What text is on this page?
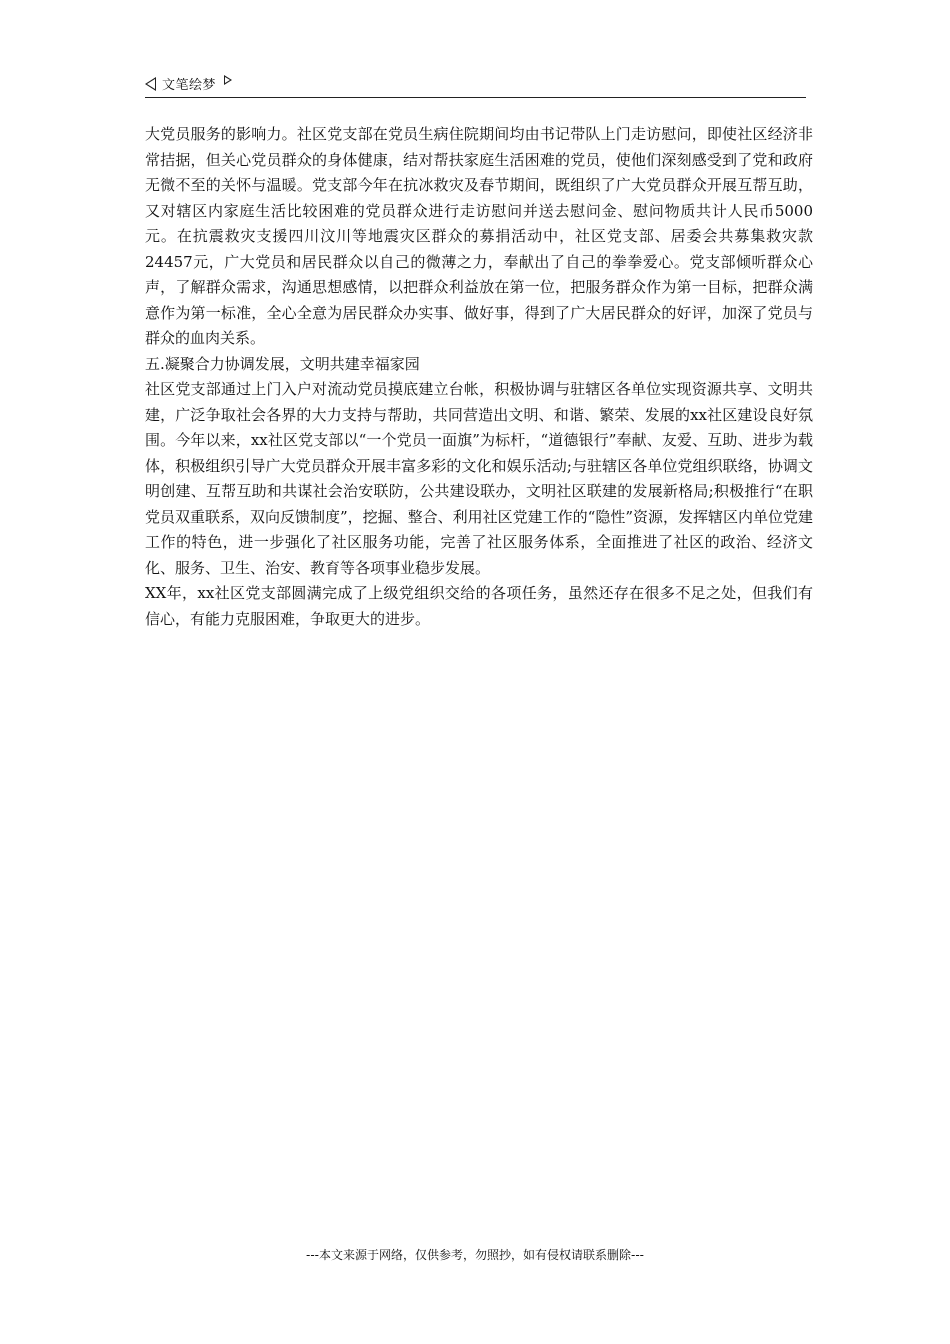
文笔绘梦

大党员服务的影响力。社区党支部在党员生病住院期间均由书记带队上门走访慰问，即使社区经济非常拮据，但关心党员群众的身体健康，结对帮扶家庭生活困难的党员，使他们深刻感受到了党和政府无微不至的关怀与温暖。党支部今年在抗冰救灾及春节期间，既组织了广大党员群众开展互帮互助，又对辖区内家庭生活比较困难的党员群众进行走访慰问并送去慰问金、慰问物质共计人民币5000元。在抗震救灾支援四川汶川等地震灾区群众的募捐活动中，社区党支部、居委会共募集救灾款24457元，广大党员和居民群众以自己的微薄之力，奉献出了自己的拳拳爱心。党支部倾听群众心声，了解群众需求，沟通思想感情，以把群众利益放在第一位，把服务群众作为第一目标，把群众满意作为第一标准，全心全意为居民群众办实事、做好事，得到了广大居民群众的好评，加深了党员与群众的血肉关系。

五.凝聚合力协调发展，文明共建幸福家园

社区党支部通过上门入户对流动党员摸底建立台帐，积极协调与驻辖区各单位实现资源共享、文明共建，广泛争取社会各界的大力支持与帮助，共同营造出文明、和谐、繁荣、发展的xx社区建设良好氛围。今年以来，xx社区党支部以“一个党员一面旗”为标杆，“道德银行”奉献、友爱、互助、进步为载体，积极组织引导广大党员群众开展丰富多彩的文化和娱乐活动;与驻辖区各单位党组织联络，协调文明创建、互帮互助和共谋社会治安联防，公共建设联办，文明社区联建的发展新格局;积极推行“在职党员双重联系，双向反馈制度”，挖掘、整合、利用社区党建工作的“隐性”资源，发挥辖区内单位党建工作的特色，进一步强化了社区服务功能，完善了社区服务体系，全面推进了社区的政治、经济文化、服务、卫生、治安、教育等各项事业稳步发展。

XX年，xx社区党支部圆满完成了上级党组织交给的各项任务，虽然还存在很多不足之处，但我们有信心，有能力克服困难，争取更大的进步。

---本文来源于网络，仅供参考，勿照抄，如有侵权请联系删除---
